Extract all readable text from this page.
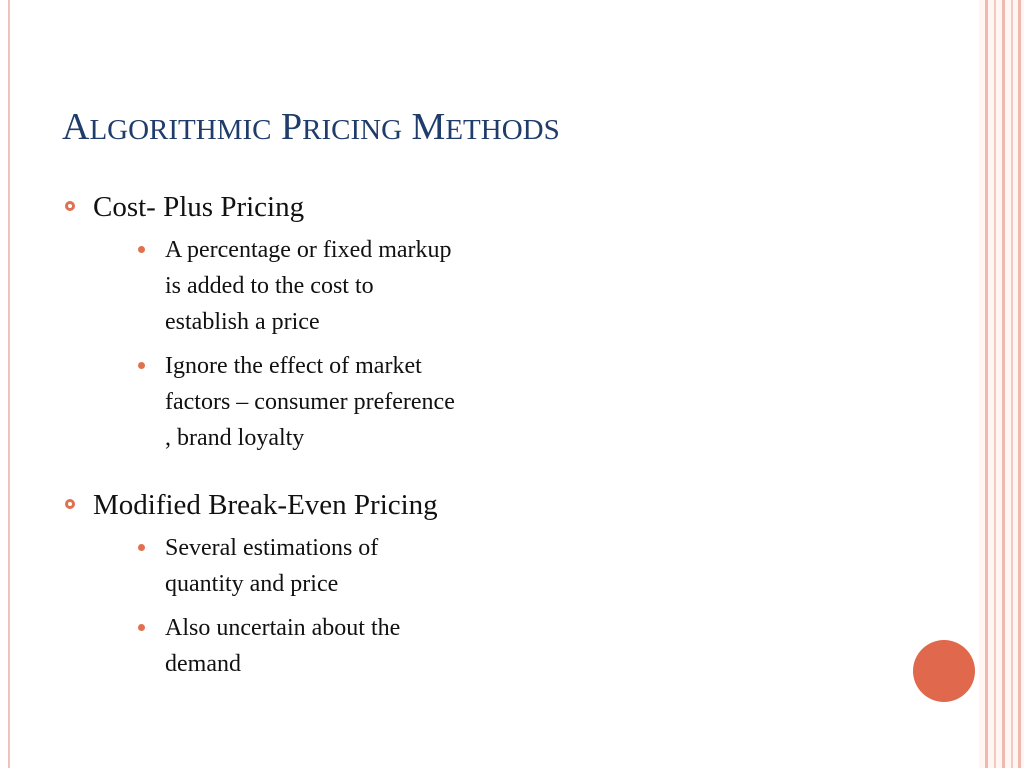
ALGORITHMIC PRICING METHODS
Cost- Plus Pricing
A percentage or fixed markup
is added to the cost to
establish a price
Ignore the effect of market
factors – consumer preference
, brand loyalty
Modified Break-Even Pricing
Several estimations of
quantity and price
Also uncertain about the
demand
